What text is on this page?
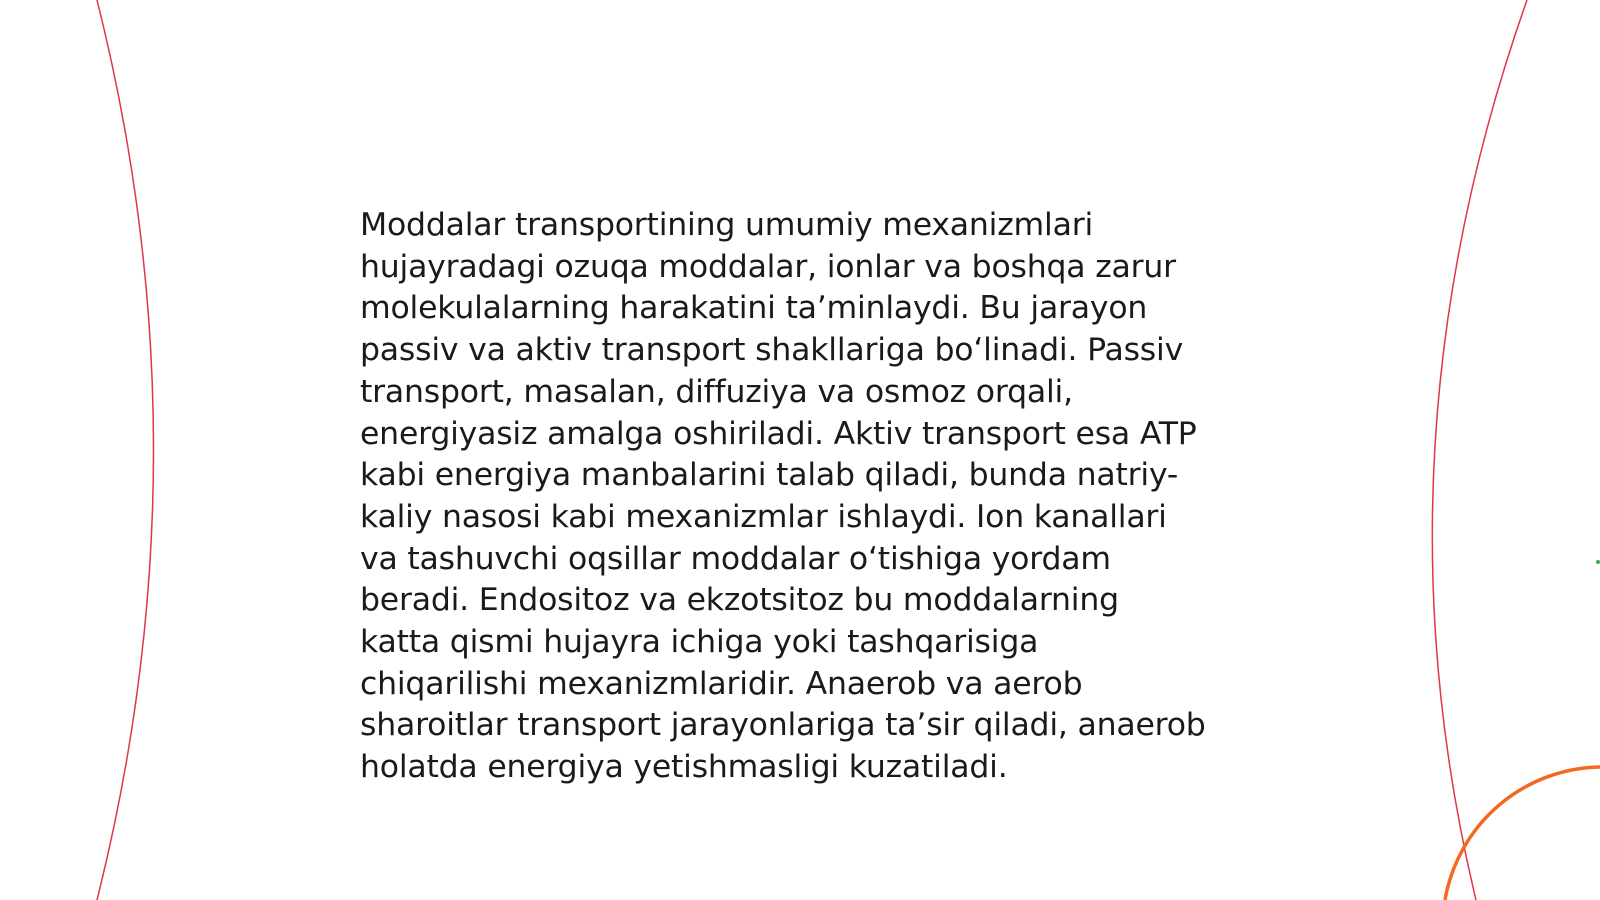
Moddalar transportining umumiy mexanizmlari
hujayradagi ozuqa moddalar, ionlar va boshqa zarur
molekulalarning harakatini ta’minlaydi. Bu jarayon
passiv va aktiv transport shakllariga bo‘linadi. Passiv
transport, masalan, diffuziya va osmoz orqali,
energiyasiz amalga oshiriladi. Aktiv transport esa ATP
kabi energiya manbalarini talab qiladi, bunda natriy-
kaliy nasosi kabi mexanizmlar ishlaydi. Ion kanallari
va tashuvchi oqsillar moddalar o‘tishiga yordam
beradi. Endositoz va ekzotsitoz bu moddalarning
katta qismi hujayra ichiga yoki tashqarisiga
chiqarilishi mexanizmlaridir. Anaerob va aerob
sharoitlar transport jarayonlariga ta’sir qiladi, anaerob
holatda energiya yetishmasligi kuzatiladi.
